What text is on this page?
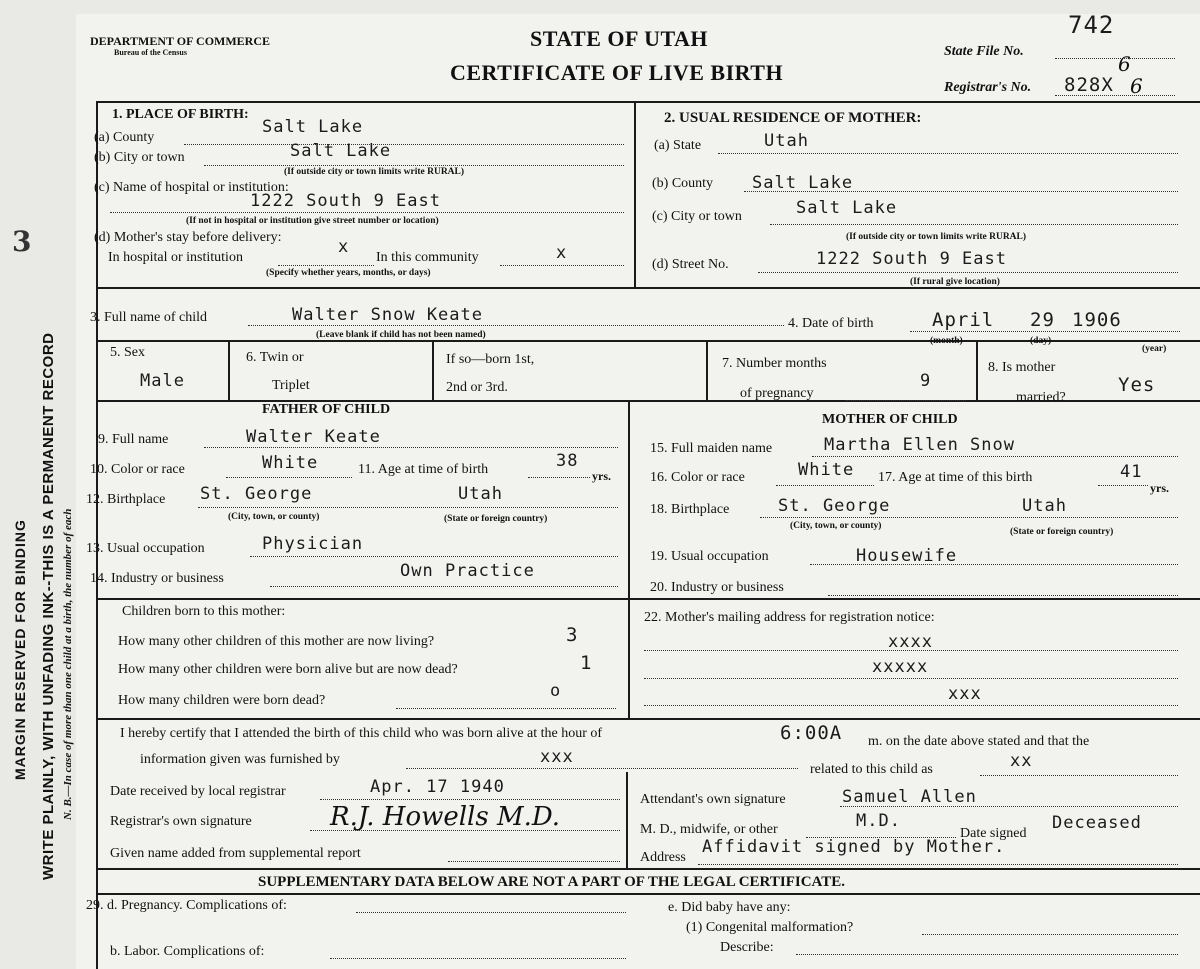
WRITE PLAINLY, WITH UNFADING INK--THIS IS A PERMANENT RECORD
MARGIN RESERVED FOR BINDING	N. B.—In case of more than one child at a birth, the number of each
3
DEPARTMENT OF COMMERCE
Bureau of the Census
STATE OF UTAH
CERTIFICATE OF LIVE BIRTH
State File No.
742
6
Registrar's No. 828X 6
1. PLACE OF BIRTH:
(a) County
Salt Lake
(b) City or town	Salt Lake
(If outside city or town limits write RURAL)
(c) Name of hospital or institution:
1222 South 9 East
(If not in hospital or institution give street number or location)
(d) Mother's stay before delivery:
In hospital or institution
x
In this community	x
(Specify whether years, months, or days)
2. USUAL RESIDENCE OF MOTHER:
(a) State	Utah
(b) County Salt Lake
(c) City or town	Salt Lake
(If outside city or town limits write RURAL)
(d) Street No.	1222 South 9 East
(If rural give location)
3. Full name of child	Walter Snow Keate
(Leave blank if child has not been named)
4. Date of birth	April 29 1906
(month)	(day)
(year)
5. Sex
Male
6. Twin or
Triplet
If so—born 1st,
2nd or 3rd.
7. Number months
of pregnancy
9
8. Is mother
married?
Yes
FATHER OF CHILD
9. Full name	Walter Keate
10. Color or race	White	11. Age at time of birth	38
yrs.
12. Birthplace St. George	Utah
(City, town, or county)	(State or foreign country)
13. Usual occupation	Physician
14. Industry or business	Own Practice
MOTHER OF CHILD
15. Full maiden name	Martha Ellen Snow
16. Color or race	White 17. Age at time of this birth	41
yrs.
18. Birthplace	St. George	Utah
(City, town, or county)
(State or foreign country)
19. Usual occupation	Housewife
20. Industry or business
Children born to this mother:
How many other children of this mother are now living?	3
How many other children were born alive but are now dead?	1
How many children were born dead?	o
22. Mother's mailing address for registration notice:
xxxx
xxxxx
xxx
I hereby certify that I attended the birth of this child who was born alive at the hour of	6:00A m. on the date above stated and that the
information given was furnished by	xxx
related to this child as	xx
Date received by local registrar	Apr. 17 1940
Registrar's own signature	R.J. Howells M.D.
Given name added from supplemental report
Attendant's own signature	Samuel Allen
M. D., midwife, or other	M.D.
Date signed
Deceased
Address
Affidavit signed by Mother.
SUPPLEMENTARY DATA BELOW ARE NOT A PART OF THE LEGAL CERTIFICATE.
29. d. Pregnancy. Complications of:	e. Did baby have any:
(1) Congenital malformation?
Describe:
b. Labor. Complications of:
